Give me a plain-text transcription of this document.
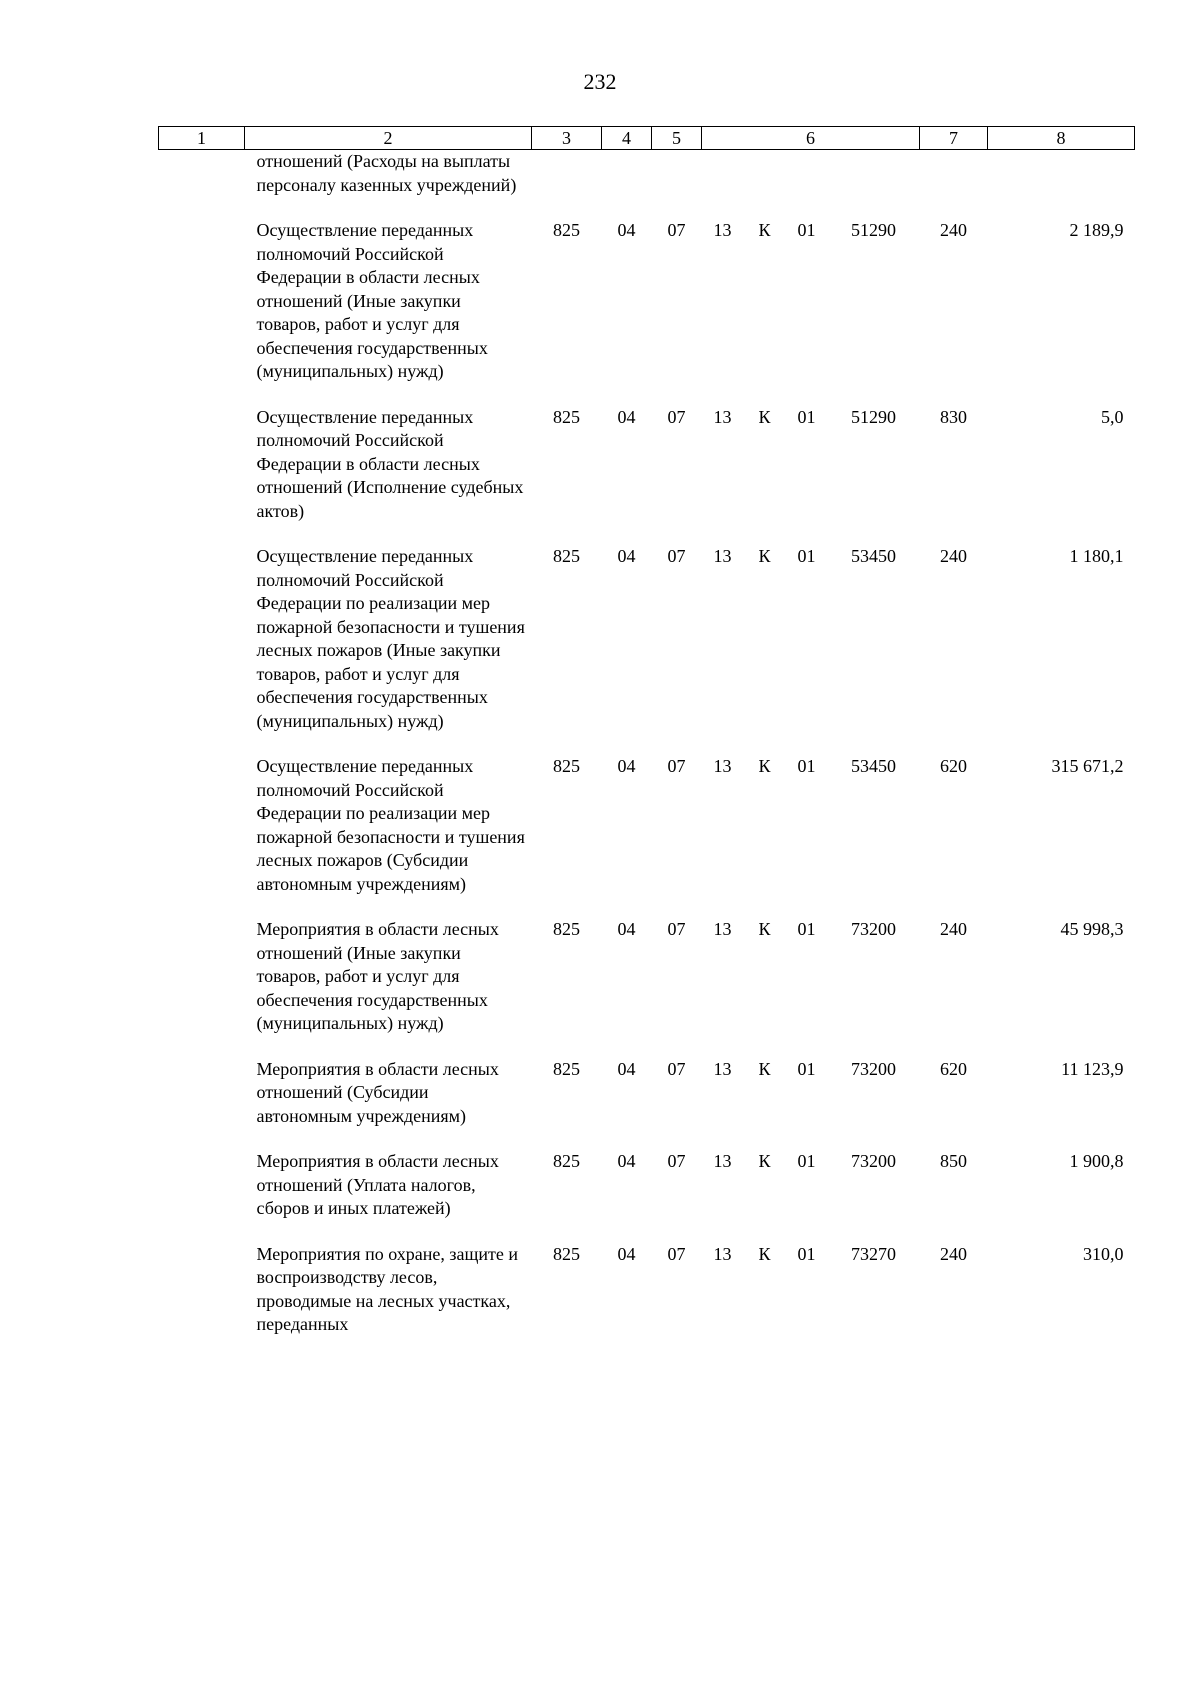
232
1	2	3	4	5	6				7	8
	отношений (Расходы на выплаты персоналу казенных учреждений)									

	Осуществление переданных полномочий Российской Федерации в области лесных отношений (Иные закупки товаров, работ и услуг для обеспечения государственных (муниципальных) нужд)	825	04	07	13	К	01	51290	240	2 189,9

	Осуществление переданных полномочий Российской Федерации в области лесных отношений (Исполнение судебных актов)	825	04	07	13	К	01	51290	830	5,0

	Осуществление переданных полномочий Российской Федерации по реализации мер пожарной безопасности и тушения лесных пожаров (Иные закупки товаров, работ и услуг для обеспечения государственных (муниципальных) нужд)	825	04	07	13	К	01	53450	240	1 180,1

	Осуществление переданных полномочий Российской Федерации по реализации мер пожарной безопасности и тушения лесных пожаров (Субсидии автономным учреждениям)	825	04	07	13	К	01	53450	620	315 671,2

	Мероприятия в области лесных отношений (Иные закупки товаров, работ и услуг для обеспечения государственных (муниципальных) нужд)	825	04	07	13	К	01	73200	240	45 998,3

	Мероприятия в области лесных отношений (Субсидии автономным учреждениям)	825	04	07	13	К	01	73200	620	11 123,9

	Мероприятия в области лесных отношений (Уплата налогов, сборов и иных платежей)	825	04	07	13	К	01	73200	850	1 900,8

	Мероприятия по охране, защите и воспроизводству лесов, проводимые на лесных участках, переданных	825	04	07	13	К	01	73270	240	310,0
